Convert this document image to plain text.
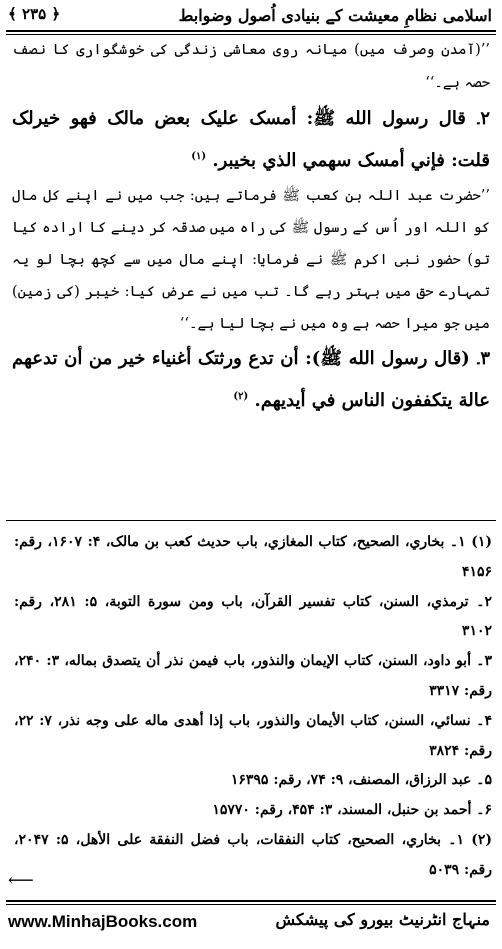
اسلامی نظامِ معیشت کے بنیادی اُصول وضوابط
﴿ ۲۳۵ ﴾

’’(آمدن وصرف میں) میانہ روی معاشی زندگی کی خوشگواری کا نصف حصہ ہے۔‘‘

۲۔ قال رسول الله ﷺ: أمسک علیک بعض مالک فهو خیرلک قلت: فإني أمسک سهمي الذي بخیبر. $^{(۱)}$

’’حضرت عبد اللہ بن کعب ﷺ فرماتے ہیں: جب میں نے اپنے کل مال کو اللہ اور اُس کے رسول ﷺ کی راہ میں صدقہ کر دینے کا ارادہ کیا تو) حضور نبی اکرم ﷺ نے فرمایا: اپنے مال میں سے کچھ بچا لو یہ تمہارے حق میں بہتر رہے گا۔ تب میں نے عرض کیا: خیبر (کی زمین) میں جو میرا حصہ ہے وہ میں نے بچا لیا ہے۔‘‘

۳۔ (قال رسول الله ﷺ): أن تدع ورثتک أغنیاء خیر من أن تدعهم عالة یتکففون الناس في أیدیهم. $^{(۲)}$

(۱) ۱۔ بخاري، الصحیح، کتاب المغازي، باب حدیث کعب بن مالک، ۴: ۱۶۰۷، رقم: ۴۱۵۶

۲۔ ترمذي، السنن، کتاب تفسیر القرآن، باب ومن سورة التوبة، ۵: ۲۸۱، رقم: ۳۱۰۲

۳۔ أبو داود، السنن، کتاب الإیمان والنذور، باب فیمن نذر أن یتصدق بماله، ۳: ۲۴۰، رقم: ۳۳۱۷

۴۔ نسائي، السنن، کتاب الأیمان والنذور، باب إذا أهدی ماله علی وجه نذر، ۷: ۲۲، رقم: ۳۸۲۴

۵۔ عبد الرزاق، المصنف، ۹: ۷۴، رقم: ۱۶۳۹۵

۶۔ أحمد بن حنبل، المسند، ۳: ۴۵۴، رقم: ۱۵۷۷۰

(۲) ۱۔ بخاري، الصحیح، کتاب النفقات، باب فضل النفقة علی الأهل، ۵: ۲۰۴۷، رقم: ۵۰۳۹

⟵
www.MinhajBooks.com	منہاج انٹرنیٹ بیورو کی پیشکش
